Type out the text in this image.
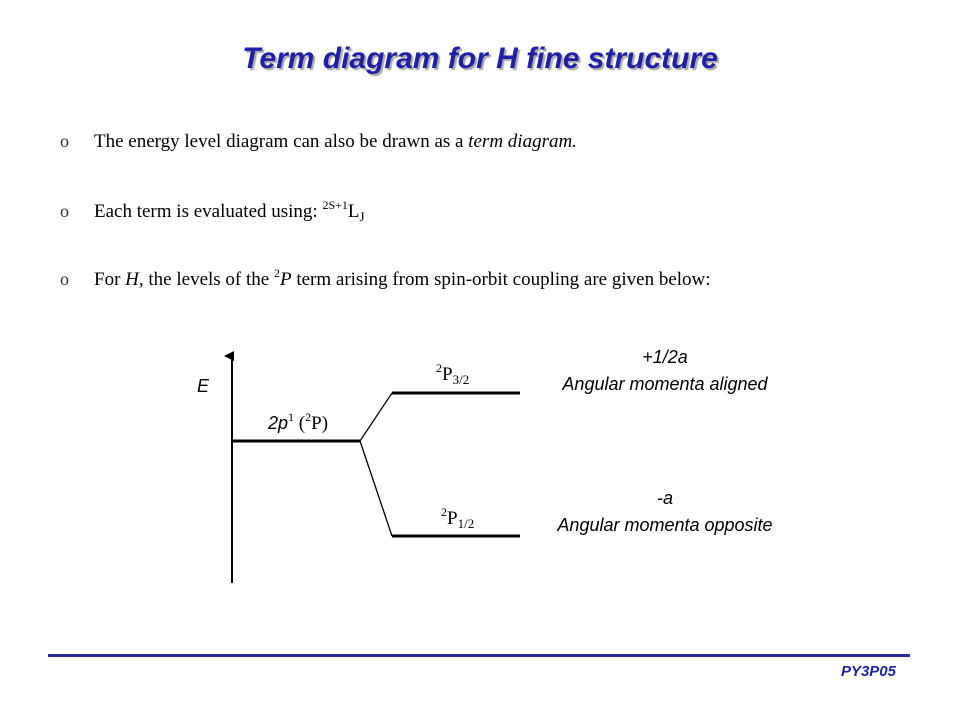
Term diagram for H fine structure
o The energy level diagram can also be drawn as a term diagram.
o Each term is evaluated using: $^{2S+1}L_J$
o For H, the levels of the $^2$P term arising from spin-orbit coupling are given below:
E
$2p^1$ ($^2$P)
$^2P_{3/2}$
$^2P_{1/2}$
+1/2a
Angular momenta aligned
-a
Angular momenta opposite
PY3P05
